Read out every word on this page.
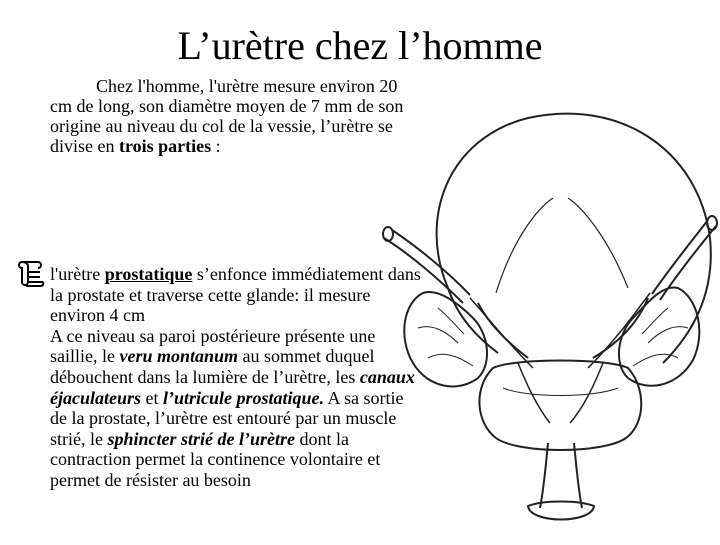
L’urètre chez l’homme
Chez l'homme, l'urètre mesure environ 20 cm de long, son diamètre moyen de 7 mm de son origine au niveau du col de la vessie, l’urètre se divise en trois parties :
l'urètre prostatique s’enfonce immédiatement dans la prostate et traverse cette glande: il mesure environ 4 cm
A ce niveau sa paroi postérieure présente une saillie, le veru montanum au sommet duquel débouchent dans la lumière de l’urètre, les canaux éjaculateurs et l’utricule prostatique. A sa sortie de la prostate, l’urètre est entouré par un muscle strié, le sphincter strié de l’urètre dont la contraction permet la continence volontaire et permet de résister au besoin
